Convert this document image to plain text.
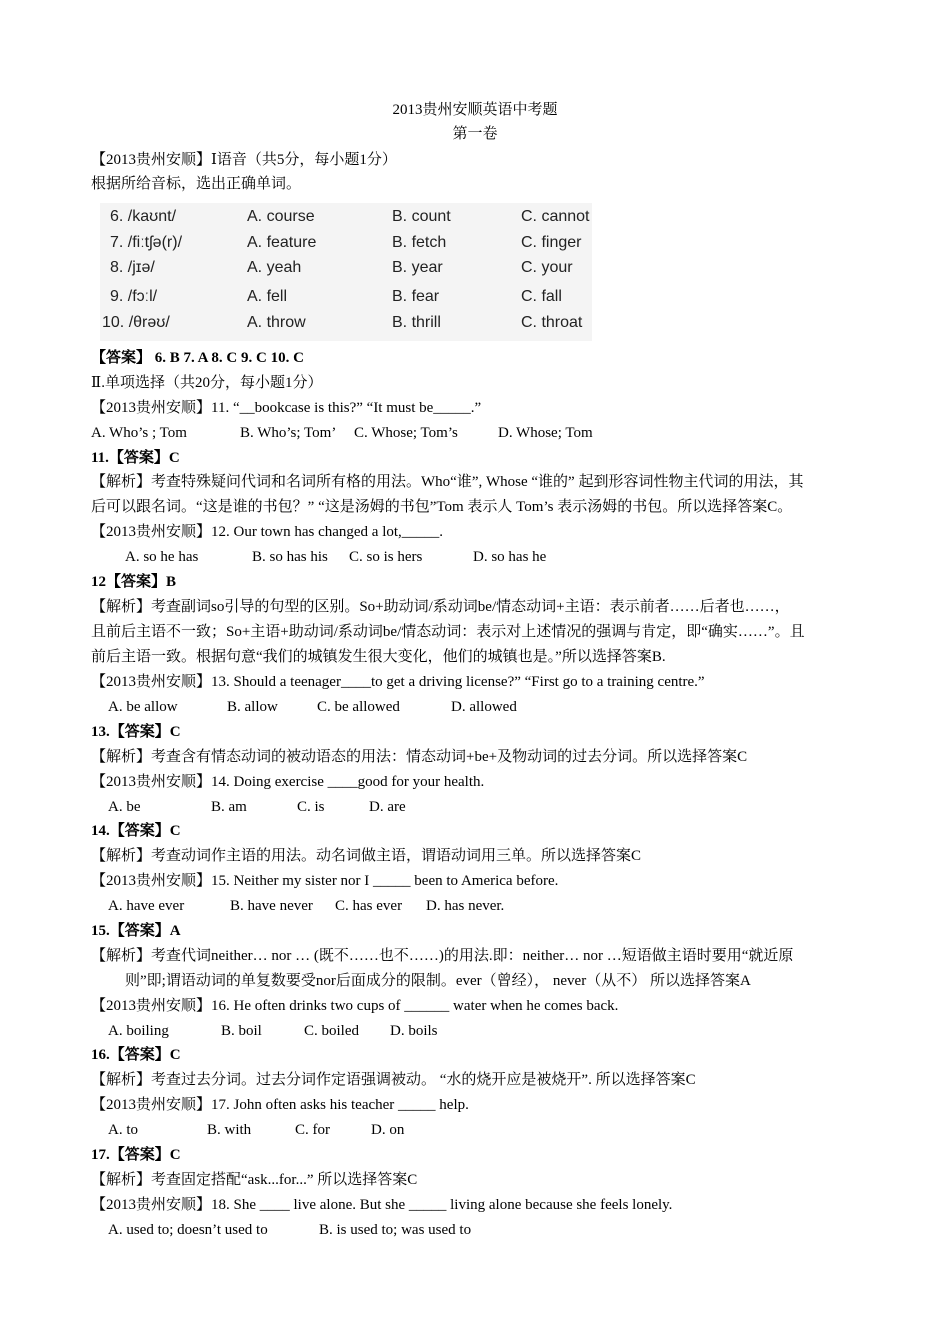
2013贵州安顺英语中考题
第一卷
【2013贵州安顺】Ⅰ语音（共5分，每小题1分）
根据所给音标，选出正确单词。
6. /kaʊnt/	A. course	B. count	C. cannot
7. /fiːtʃə(r)/	A. feature	B. fetch	C. finger
8. /jɪə/	A. yeah	B. year	C. your
9. /fɔːl/	A. fell	B. fear	C. fall
10. /θrəʊ/	A. throw	B. thrill	C. throat
【答案】 6. B 7. A 8. C 9. C 10. C
Ⅱ.单项选择（共20分，每小题1分）
【2013贵州安顺】11. “__bookcase is this?” “It must be_____.”
A. Who’s ; Tom	B. Who’s; Tom’ C. Whose; Tom’s	D. Whose; Tom
11.【答案】C
【解析】考查特殊疑问代词和名词所有格的用法。Who“谁”, Whose “谁的” 起到形容词性物主代词的用法，其
后可以跟名词。“这是谁的书包？” “这是汤姆的书包”Tom 表示人 Tom’s 表示汤姆的书包。所以选择答案C。
【2013贵州安顺】12. Our town has changed a lot,_____.
A. so he has	B. so has his C. so is hers	D. so has he
12【答案】B
【解析】考查副词so引导的句型的区别。So+助动词/系动词be/情态动词+主语：表示前者……后者也……，
且前后主语不一致；So+主语+助动词/系动词be/情态动词：表示对上述情况的强调与肯定，即“确实……”。且
前后主语一致。根据句意“我们的城镇发生很大变化，他们的城镇也是。”所以选择答案B.
【2013贵州安顺】13. Should a teenager____to get a driving license?” “First go to a training centre.”
A. be allow	B. allow	C. be allowed	D. allowed
13.【答案】C
【解析】考查含有情态动词的被动语态的用法：情态动词+be+及物动词的过去分词。所以选择答案C
【2013贵州安顺】14. Doing exercise ____good for your health.
A. be	B. am	C. is	D. are
14.【答案】C
【解析】考查动词作主语的用法。动名词做主语，谓语动词用三单。所以选择答案C
【2013贵州安顺】15. Neither my sister nor I _____ been to America before.
A. have ever	B. have never C. has ever D. has never.
15.【答案】A
【解析】考查代词neither… nor … (既不……也不……)的用法.即：neither… nor …短语做主语时要用“就近原
则”即;谓语动词的单复数要受nor后面成分的限制。ever（曾经）， never（从不） 所以选择答案A
【2013贵州安顺】16. He often drinks two cups of ______ water when he comes back.
A. boiling	B. boil	C. boiled D. boils
16.【答案】C
【解析】考查过去分词。过去分词作定语强调被动。 “水的烧开应是被烧开”. 所以选择答案C
【2013贵州安顺】17. John often asks his teacher _____ help.
A. to	B. with	C. for	D. on
17.【答案】C
【解析】考查固定搭配“ask...for...” 所以选择答案C
【2013贵州安顺】18. She ____ live alone. But she _____ living alone because she feels lonely.
A. used to; doesn’t used to	B. is used to; was used to
